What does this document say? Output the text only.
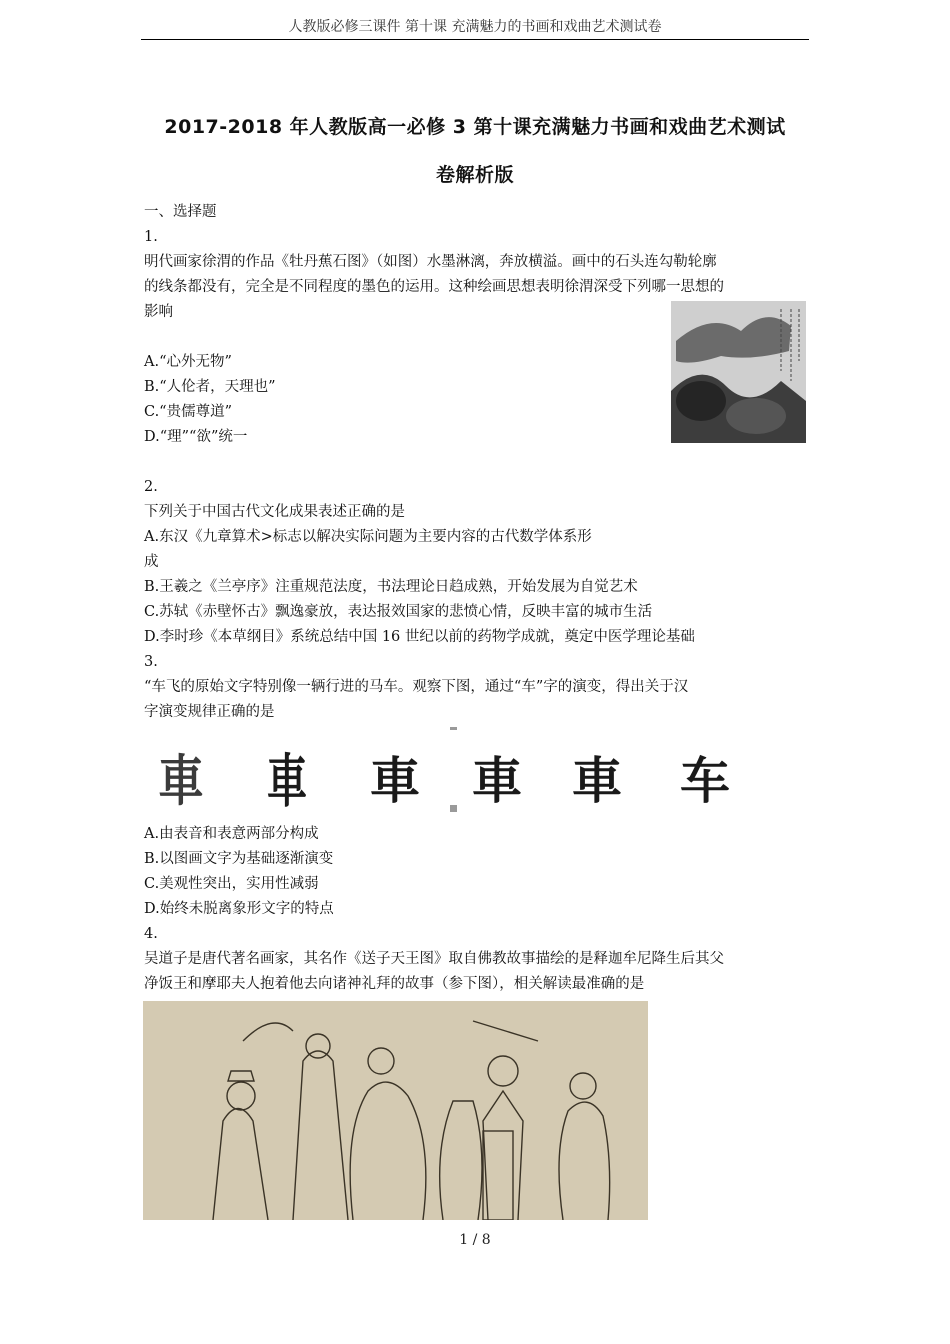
人教版必修三课件 第十课 充满魅力的书画和戏曲艺术测试卷
2017-2018 年人教版高一必修 3 第十课充满魅力书画和戏曲艺术测试
卷解析版
一、选择题
1.
明代画家徐渭的作品《牡丹蕉石图》（如图）水墨淋漓，奔放横溢。画中的石头连勾勒轮廓
的线条都没有，完全是不同程度的墨色的运用。这种绘画思想表明徐渭深受下列哪一思想的
影响
A.“心外无物”
B.“人伦者，天理也”
C.“贵儒尊道”
D.“理”“欲”统一
2.
下列关于中国古代文化成果表述正确的是
A.东汉《九章算术>标志以解决实际问题为主要内容的古代数学体系形
成
B.王羲之《兰亭序》注重规范法度，书法理论日趋成熟，开始发展为自觉艺术
C.苏轼《赤壁怀古》飘逸豪放，表达报效国家的悲愤心情，反映丰富的城市生活
D.李时珍《本草纲目》系统总结中国 16 世纪以前的药物学成就，奠定中医学理论基础
3.
“车飞的原始文字特别像一辆行进的马车。观察下图，通过“车”字的演变，得出关于汉
字演变规律正确的是
車 車 車 車 車 车
A.由表音和表意两部分构成
B.以图画文字为基础逐渐演变
C.美观性突出，实用性减弱
D.始终未脱离象形文字的特点
4.
吴道子是唐代著名画家，其名作《送子天王图》取自佛教故事描绘的是释迦牟尼降生后其父
净饭王和摩耶夫人抱着他去向诸神礼拜的故事（参下图），相关解读最准确的是
1 / 8
